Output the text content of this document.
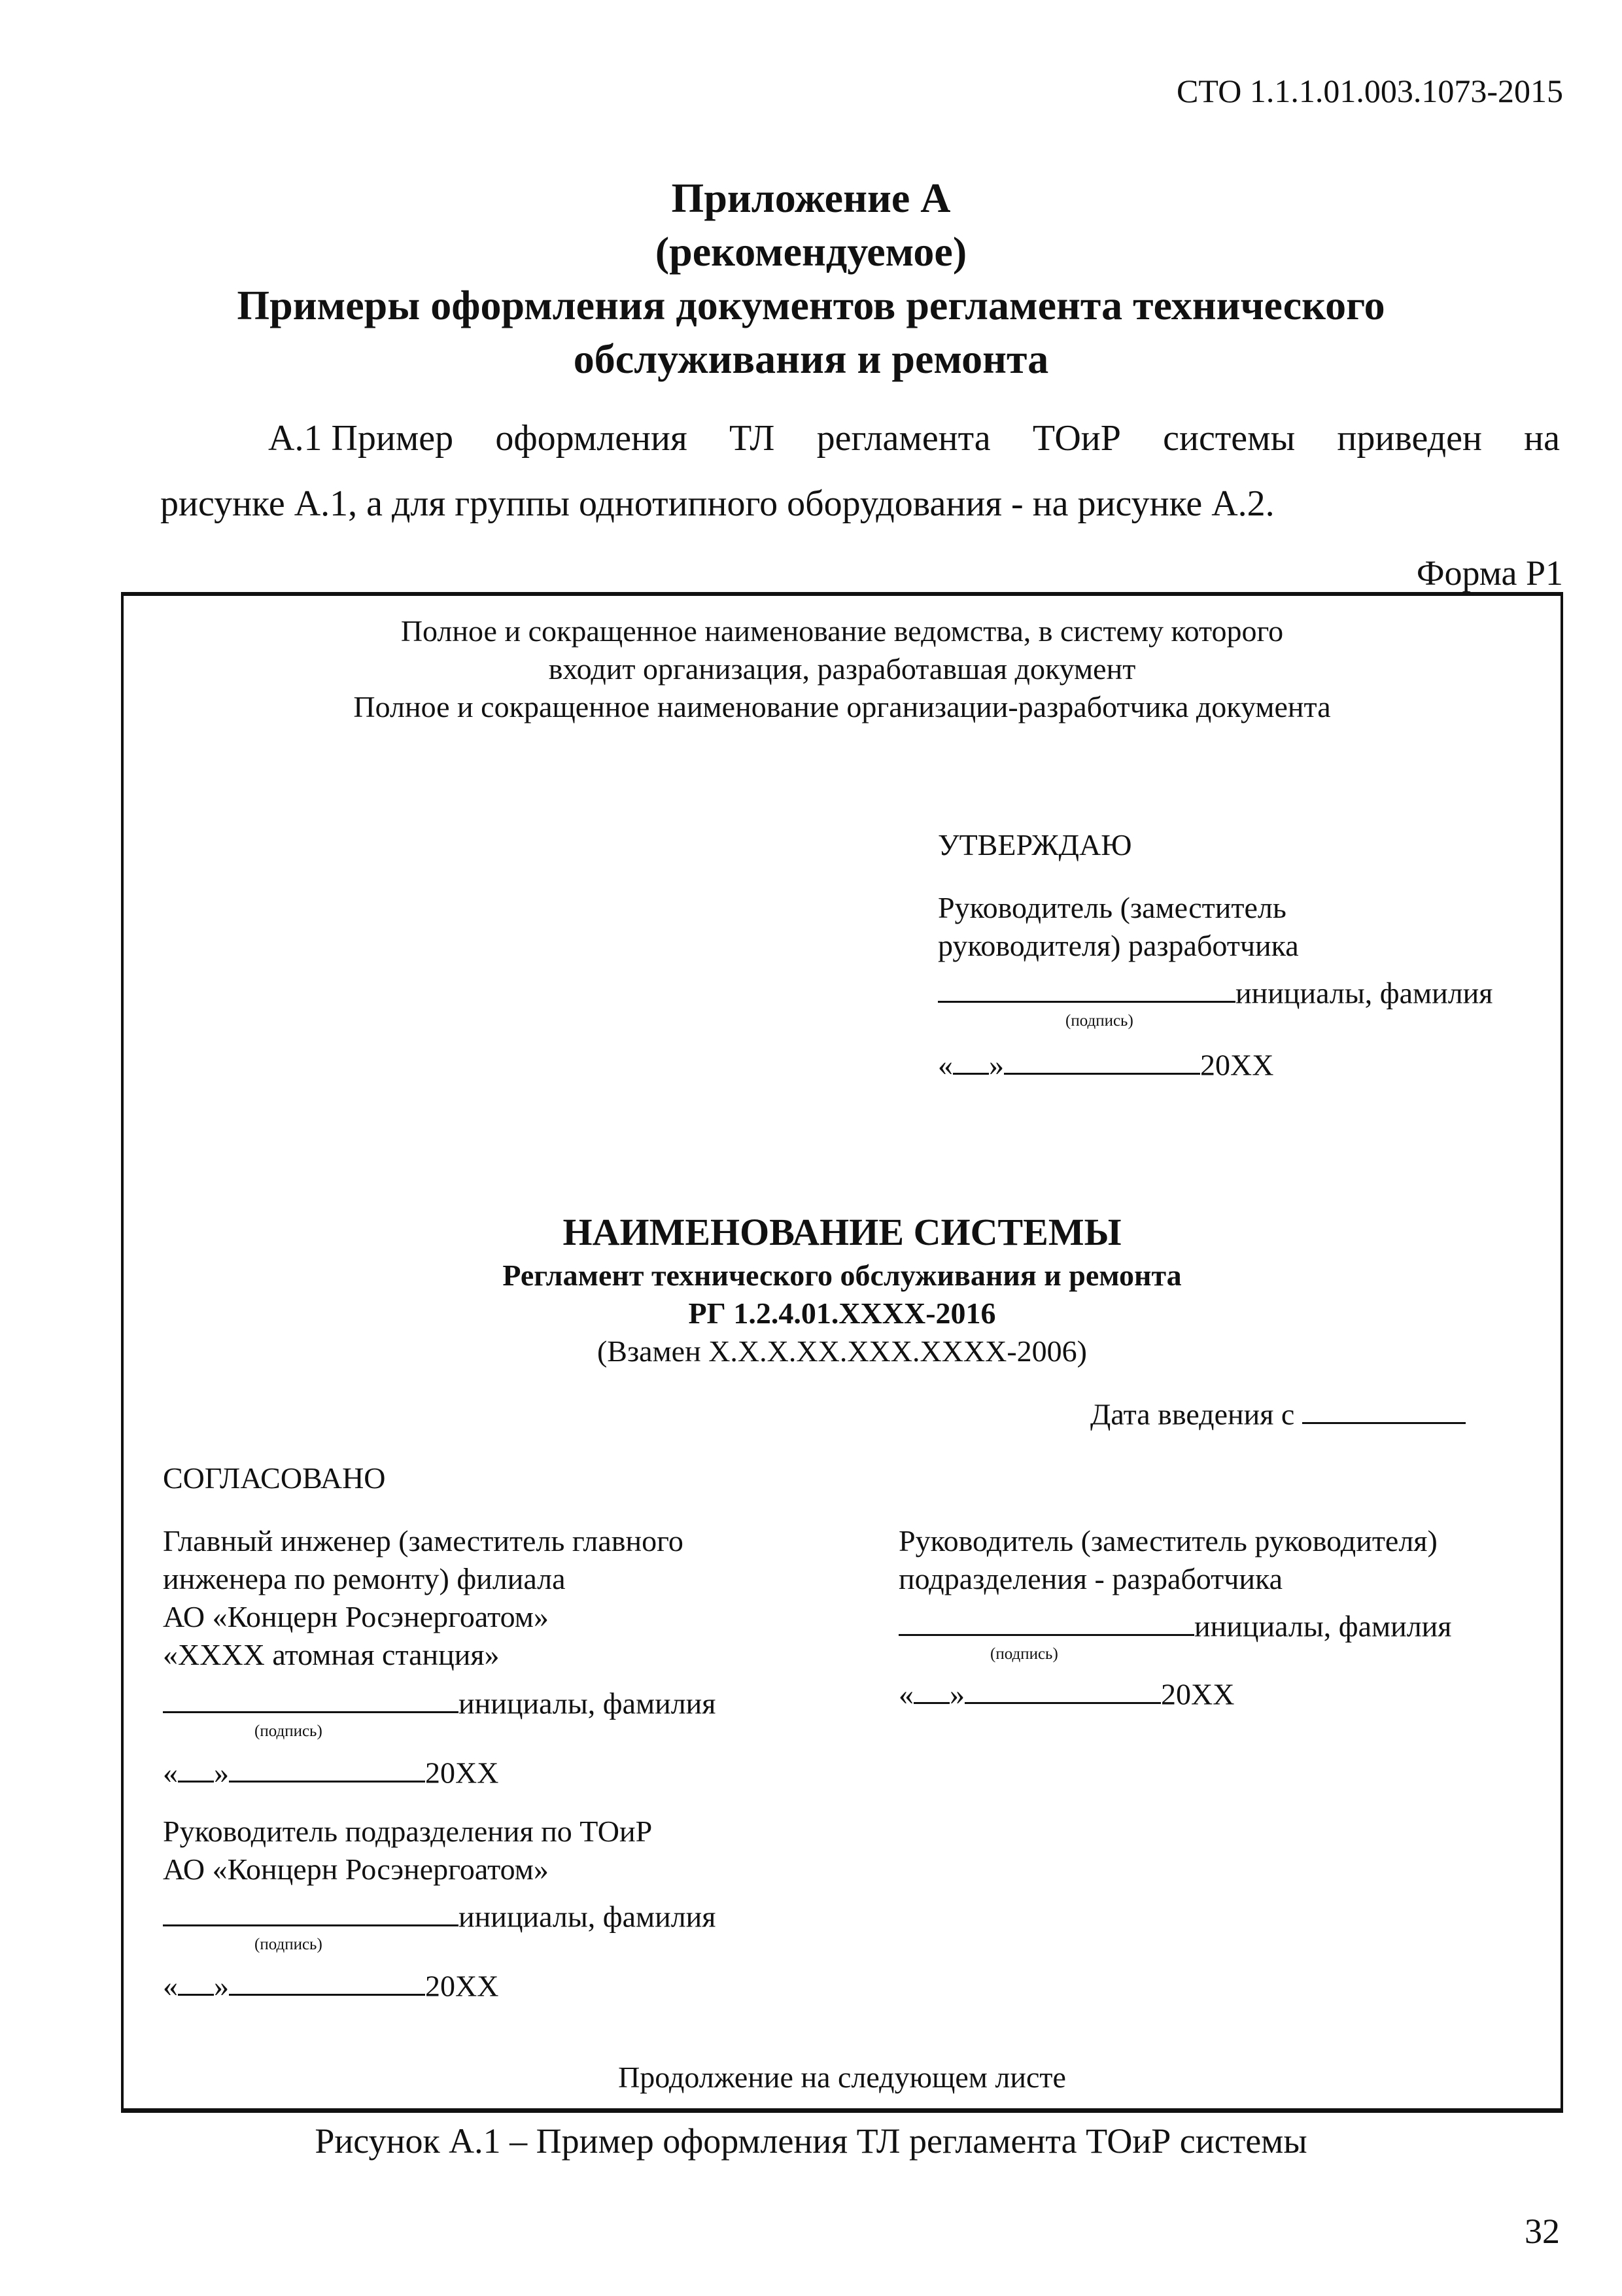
СТО 1.1.1.01.003.1073-2015
Приложение А
(рекомендуемое)
Примеры оформления документов регламента технического
обслуживания и ремонта
А.1 Пример оформления ТЛ регламента ТОиР системы приведен на
рисунке А.1, а для группы однотипного оборудования - на рисунке А.2.
Форма Р1
Полное и сокращенное наименование ведомства, в систему которого
входит организация, разработавшая документ
Полное и сокращенное наименование организации-разработчика документа
УТВЕРЖДАЮ
Руководитель (заместитель
руководителя) разработчика
инициалы, фамилия
(подпись)
« »	20ХХ
НАИМЕНОВАНИЕ СИСТЕМЫ
Регламент технического обслуживания и ремонта
РГ 1.2.4.01.ХХХХ-2016
(Взамен Х.Х.Х.ХХ.ХХХ.ХХХХ-2006)
Дата введения с
СОГЛАСОВАНО
Главный инженер (заместитель главного
инженера по ремонту) филиала
АО «Концерн Росэнергоатом»
«ХХХХ атомная станция»
инициалы, фамилия
(подпись)
« »	20ХХ
Руководитель подразделения по ТОиР
АО «Концерн Росэнергоатом»
инициалы, фамилия
(подпись)
« »	20ХХ
Руководитель (заместитель руководителя)
подразделения - разработчика
инициалы, фамилия
(подпись)
« »	20ХХ
Продолжение на следующем листе
Рисунок А.1 – Пример оформления ТЛ регламента ТОиР системы
32
